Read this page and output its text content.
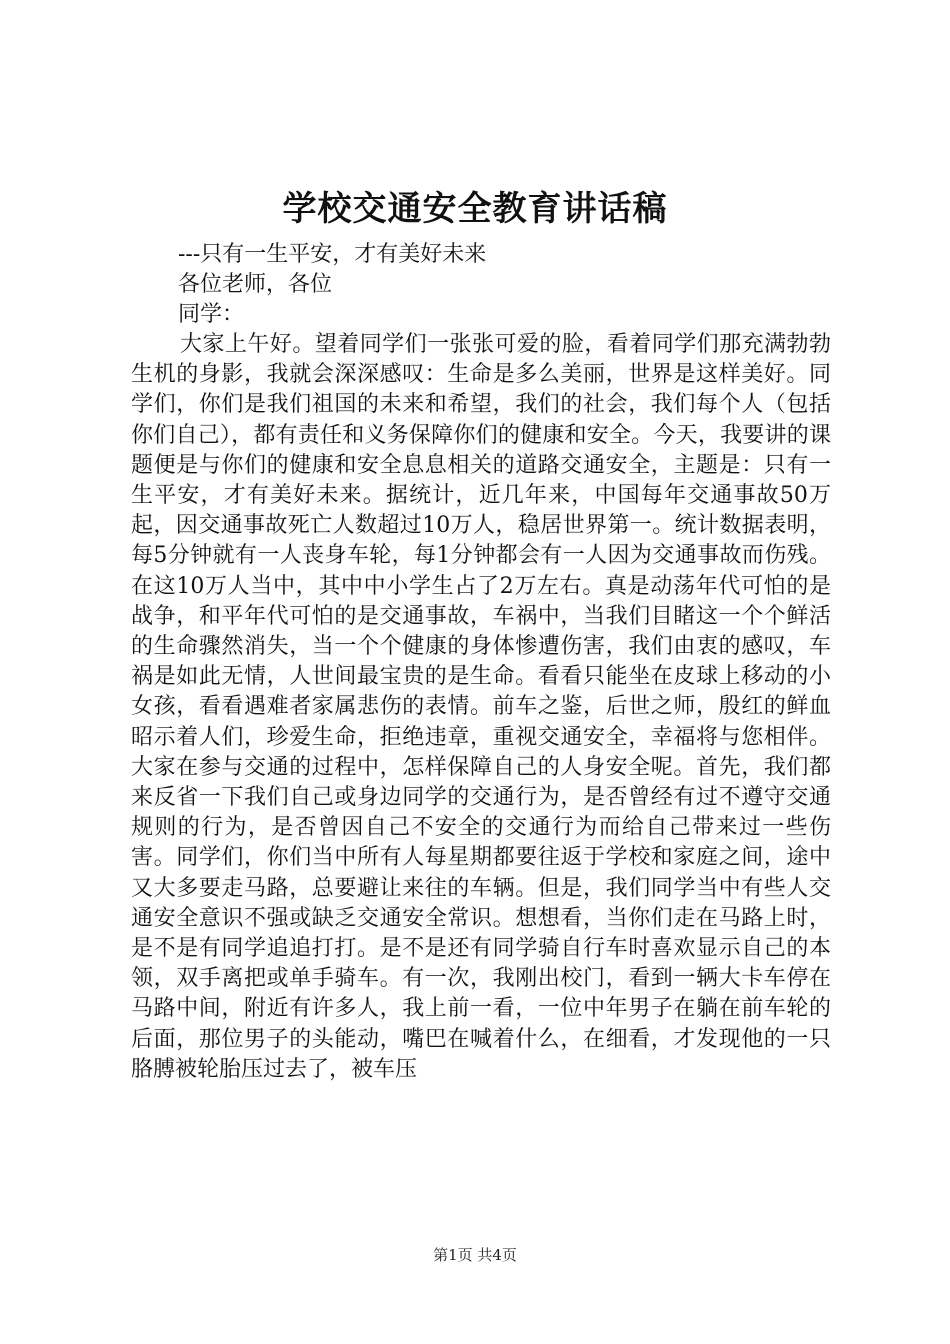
学校交通安全教育讲话稿

---只有一生平安，才有美好未来

各位老师，各位

同学：

大家上午好。望着同学们一张张可爱的脸，看着同学们那充满勃勃生机的身影，我就会深深感叹：生命是多么美丽，世界是这样美好。同学们，你们是我们祖国的未来和希望，我们的社会，我们每个人（包括你们自己），都有责任和义务保障你们的健康和安全。今天，我要讲的课题便是与你们的健康和安全息息相关的道路交通安全，主题是：只有一生平安，才有美好未来。据统计，近几年来，中国每年交通事故50万起，因交通事故死亡人数超过10万人，稳居世界第一。统计数据表明，每5分钟就有一人丧身车轮，每1分钟都会有一人因为交通事故而伤残。在这10万人当中，其中中小学生占了2万左右。真是动荡年代可怕的是战争，和平年代可怕的是交通事故，车祸中，当我们目睹这一个个鲜活的生命骤然消失，当一个个健康的身体惨遭伤害，我们由衷的感叹，车祸是如此无情，人世间最宝贵的是生命。看看只能坐在皮球上移动的小女孩，看看遇难者家属悲伤的表情。前车之鉴，后世之师，殷红的鲜血昭示着人们，珍爱生命，拒绝违章，重视交通安全，幸福将与您相伴。大家在参与交通的过程中，怎样保障自己的人身安全呢。首先，我们都来反省一下我们自己或身边同学的交通行为，是否曾经有过不遵守交通规则的行为，是否曾因自己不安全的交通行为而给自己带来过一些伤害。同学们，你们当中所有人每星期都要往返于学校和家庭之间，途中又大多要走马路，总要避让来往的车辆。但是，我们同学当中有些人交通安全意识不强或缺乏交通安全常识。想想看，当你们走在马路上时，是不是有同学追追打打。是不是还有同学骑自行车时喜欢显示自己的本领，双手离把或单手骑车。有一次，我刚出校门，看到一辆大卡车停在马路中间，附近有许多人，我上前一看，一位中年男子在躺在前车轮的后面，那位男子的头能动，嘴巴在喊着什么，在细看，才发现他的一只胳膊被轮胎压过去了，被车压

第1页 共4页
